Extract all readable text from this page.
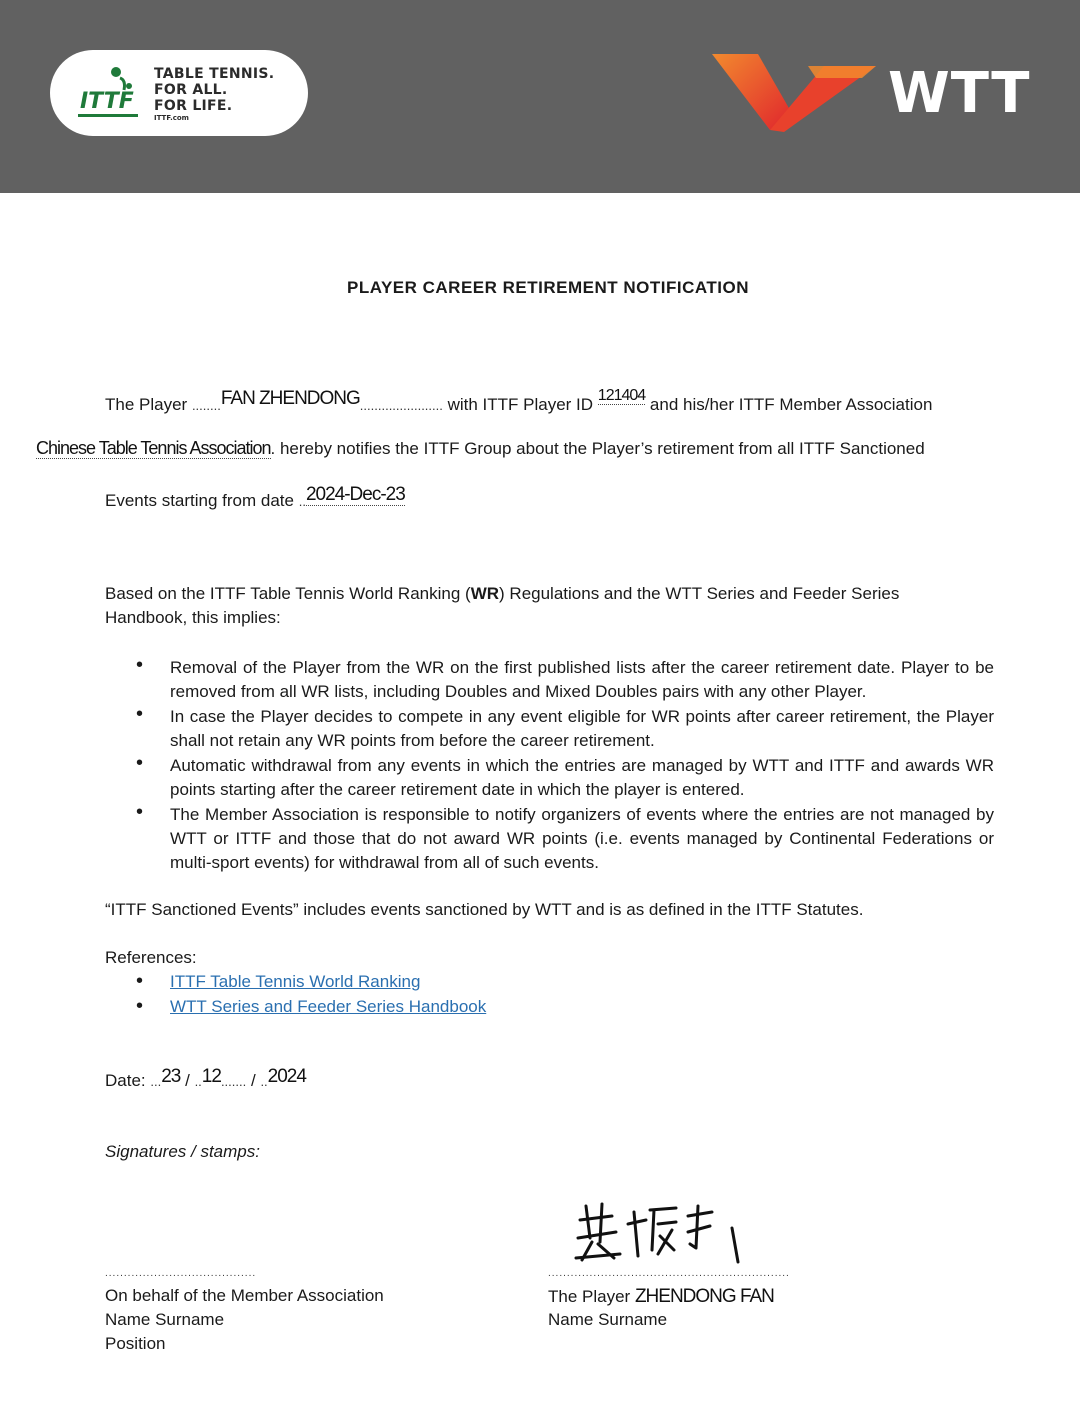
ITTF
TABLE TENNIS.
FOR ALL.
FOR LIFE.
ITTF.com	WTT
PLAYER CAREER RETIREMENT NOTIFICATION
The Player ........FAN ZHENDONG....................... with ITTF Player ID 121404 and his/her ITTF Member Association
Chinese Table Tennis Association. hereby notifies the ITTF Group about the Player’s retirement from all ITTF Sanctioned
Events starting from date ..2024-Dec-23
Based on the ITTF Table Tennis World Ranking (WR) Regulations and the WTT Series and Feeder Series
Handbook, this implies:
• Removal of the Player from the WR on the first published lists after the career retirement date. Player to be removed from all WR lists, including Doubles and Mixed Doubles pairs with any other Player.
• In case the Player decides to compete in any event eligible for WR points after career retirement, the Player shall not retain any WR points from before the career retirement.
• Automatic withdrawal from any events in which the entries are managed by WTT and ITTF and awards WR points starting after the career retirement date in which the player is entered.
• The Member Association is responsible to notify organizers of events where the entries are not managed by WTT or ITTF and those that do not award WR points (i.e. events managed by Continental Federations or multi-sport events) for withdrawal from all of such events.
“ITTF Sanctioned Events” includes events sanctioned by WTT and is as defined in the ITTF Statutes.
References:
• ITTF Table Tennis World Ranking
• WTT Series and Feeder Series Handbook
Date: ...23 / ..12....... / ..2024
Signatures / stamps:
........................................	................................................................
On behalf of the Member Association
Name Surname
Position
The Player ZHENDONG FAN
Name Surname
